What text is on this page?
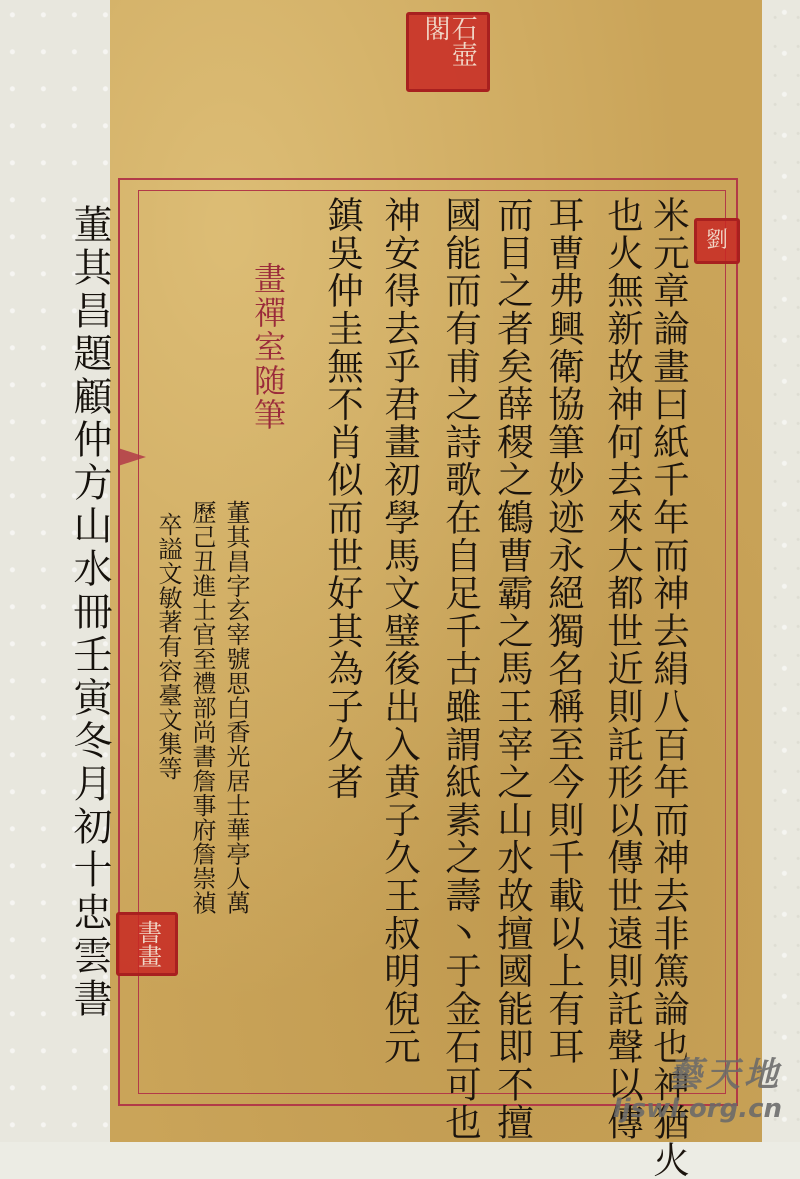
石壺閣
劉
米元章論畫曰紙千年而神去絹八百年而神去非篤論也神猶火
也火無新故神何去來大都世近則託形以傳世遠則託聲以傳
耳曹弗興衛協筆妙迹永絕獨名稱至今則千載以上有耳
而目之者矣薛稷之鶴曹霸之馬王宰之山水故擅國能即不擅
國能而有甫之詩歌在自足千古雖謂紙素之壽丶于金石可也
神安得去乎君畫初學馬文璧後出入黄子久王叔明倪元
鎮吳仲圭無不肖似而世好其為子久者
畫禪室随筆
董其昌字玄宰號思白香光居士華亭人萬
歷己丑進士官至禮部尚書詹事府詹崇禎
卒謚文敏著有容臺文集等
董其昌題顧仲方山水冊壬寅冬月初十忠雲書 書畫
藝天地
ljswl.org.cn
